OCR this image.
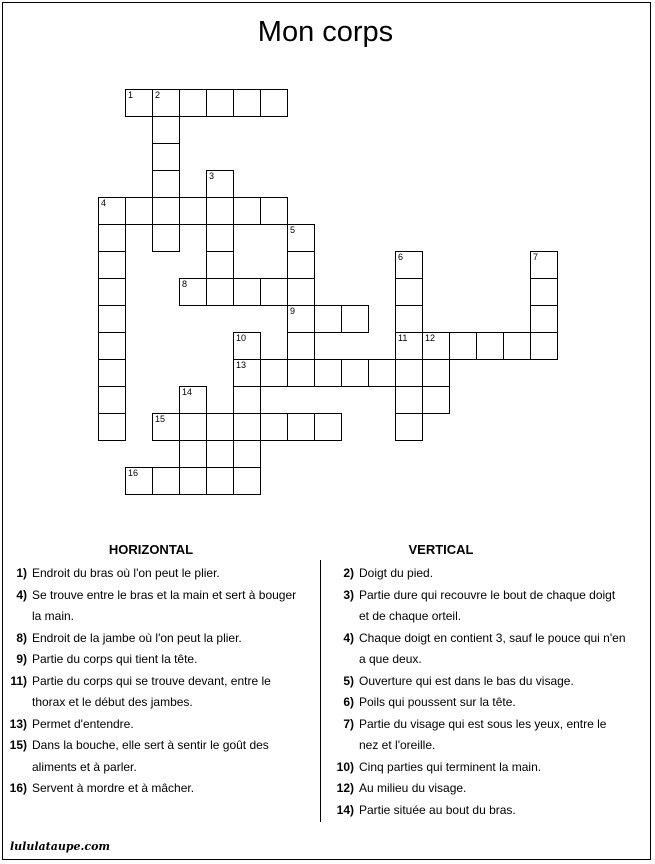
Mon corps
1 2
3
4
5
6	7
8
9
10	11 12
13
14
15
16
HORIZONTAL	VERTICAL
1) Endroit du bras où l'on peut le plier.
4) Se trouve entre le bras et la main et sert à bouger
la main.
8) Endroit de la jambe où l'on peut la plier.
9) Partie du corps qui tient la tête.
11) Partie du corps qui se trouve devant, entre le
thorax et le début des jambes.
13) Permet d'entendre.
15) Dans la bouche, elle sert à sentir le goût des
aliments et à parler.
16) Servent à mordre et à mâcher.
2) Doigt du pied.
3) Partie dure qui recouvre le bout de chaque doigt
et de chaque orteil.
4) Chaque doigt en contient 3, sauf le pouce qui n'en
a que deux.
5) Ouverture qui est dans le bas du visage.
6) Poils qui poussent sur la tête.
7) Partie du visage qui est sous les yeux, entre le
nez et l'oreille.
10) Cinq parties qui terminent la main.
12) Au milieu du visage.
14) Partie située au bout du bras.
lululataupe.com
